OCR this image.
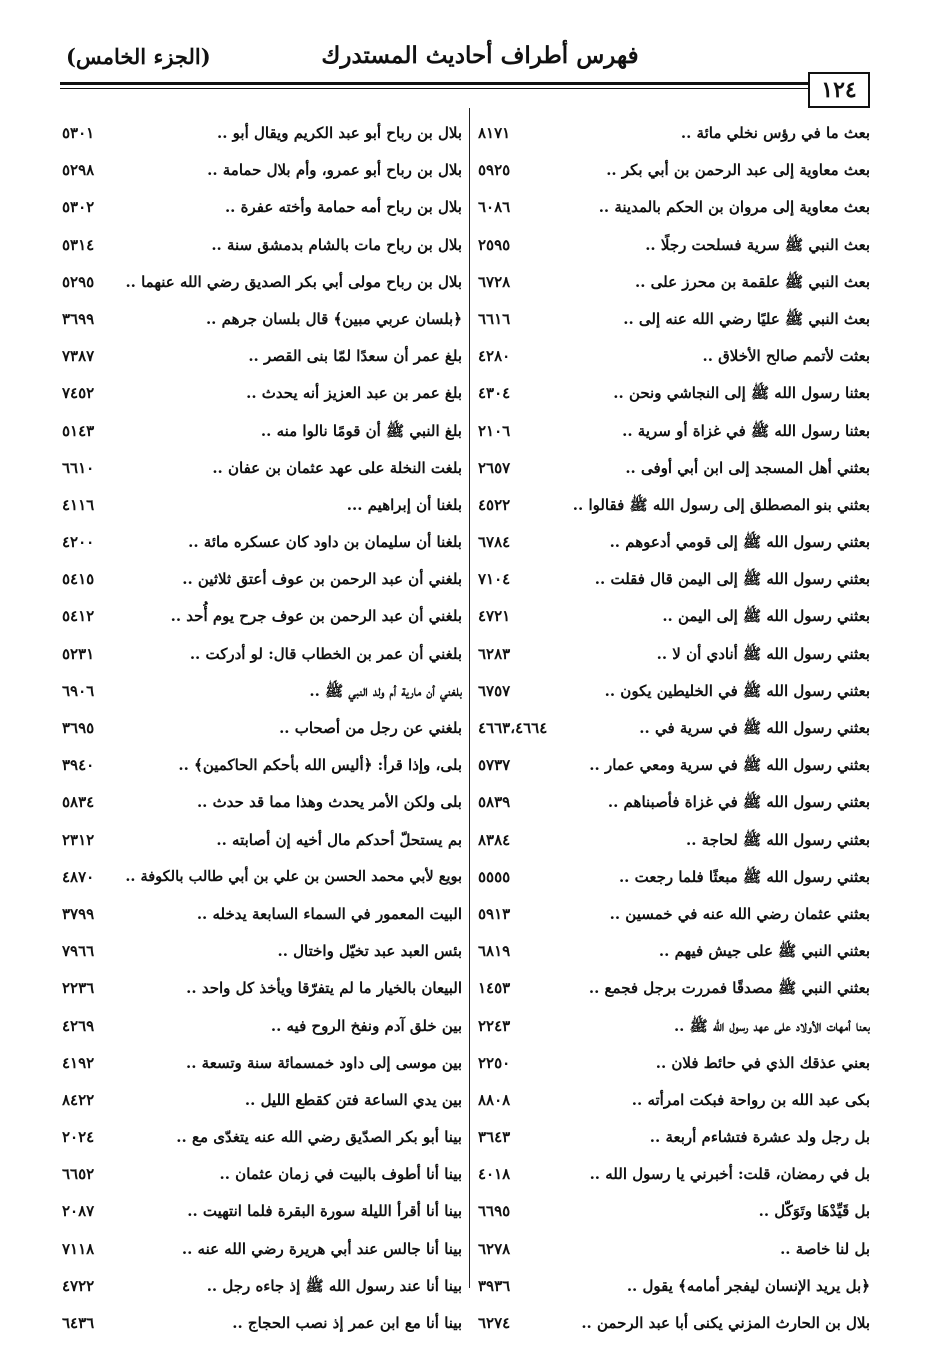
(الجزء الخامس)	فهرس أطراف أحاديث المستدرك
١٢٤
بعث ما في رؤس نخلي مائة ..
٨١٧١
بعث معاوية إلى عبد الرحمن بن أبي بكر ..
٥٩٢٥
بعث معاوية إلى مروان بن الحكم بالمدينة ..
٦٠٨٦
بعث النبي ﷺ سرية فسلحت رجلًا ..
٢٥٩٥
بعث النبي ﷺ علقمة بن محرز على ..
٦٧٢٨
بعث النبي ﷺ عليًا رضي الله عنه إلى ..
٦٦١٦
بعثت لأتمم صالح الأخلاق ..
٤٢٨٠
بعثنا رسول الله ﷺ إلى النجاشي ونحن ..
٤٣٠٤
بعثنا رسول الله ﷺ في غزاة أو سرية ..
٢١٠٦
بعثني أهل المسجد إلى ابن أبي أوفى ..
٢٦٥٧
بعثني بنو المصطلق إلى رسول الله ﷺ فقالوا ..
٤٥٢٢
بعثني رسول الله ﷺ إلى قومي أدعوهم ..
٦٧٨٤
بعثني رسول الله ﷺ إلى اليمن قال فقلت ..
٧١٠٤
بعثني رسول الله ﷺ إلى اليمن ..
٤٧٢١
بعثني رسول الله ﷺ أنادي أن لا ..
٦٢٨٣
بعثني رسول الله ﷺ في الخليطين يكون ..
٦٧٥٧
بعثني رسول الله ﷺ في سرية في ..
٤٦٦٣،٤٦٦٤
بعثني رسول الله ﷺ في سرية ومعي عمار ..
٥٧٣٧
بعثني رسول الله ﷺ في غزاة فأصبناهم ..
٥٨٣٩
بعثني رسول الله ﷺ لحاجة ..
٨٣٨٤
بعثني رسول الله ﷺ مبعثًا فلما رجعت ..
٥٥٥٥
بعثني عثمان رضي الله عنه في خمسين ..
٥٩١٣
بعثني النبي ﷺ على جيش فيهم ..
٦٨١٩
بعثني النبي ﷺ مصدقًا فمررت برجل فجمع ..
١٤٥٣
بعنا أمهات الأولاد على عهد رسول الله ﷺ ..
٢٢٤٣
بعني عذقك الذي في حائط فلان ..
٢٢٥٠
بكى عبد الله بن رواحة فبكت امرأته ..
٨٨٠٨
بل رجل ولد عشرة فتشاءم أربعة ..
٣٦٤٣
بل في رمضان، قلت: أخبرني يا رسول الله ..
٤٠١٨
بل قَيِّدْهَا وتَوَكّل ..
٦٦٩٥
بل لنا خاصة ..
٦٢٧٨
﴿بل يريد الإنسان ليفجر أمامه﴾ يقول ..
٣٩٣٦
بلال بن الحارث المزني يكنى أبا عبد الرحمن ..
٦٢٧٤
بلال بن رباح أبو عبد الكريم ويقال أبو ..
٥٣٠١
بلال بن رباح أبو عمرو، وأم بلال حمامة ..
٥٢٩٨
بلال بن رباح أمه حمامة وأخته عفرة ..
٥٣٠٢
بلال بن رباح مات بالشام بدمشق سنة ..
٥٣١٤
بلال بن رباح مولى أبي بكر الصديق رضي الله عنهما ..
٥٢٩٥
﴿بلسان عربي مبين﴾ قال بلسان جرهم ..
٣٦٩٩
بلغ عمر أن سعدًا لمّا بنى القصر ..
٧٣٨٧
بلغ عمر بن عبد العزيز أنه يحدث ..
٧٤٥٢
بلغ النبي ﷺ أن قومًا نالوا منه ..
٥١٤٣
بلغت النخلة على عهد عثمان بن عفان ..
٦٦١٠
بلغنا أن إبراهيم ...
٤١١٦
بلغنا أن سليمان بن داود كان عسكره مائة ..
٤٢٠٠
بلغني أن عبد الرحمن بن عوف أعتق ثلاثين ..
٥٤١٥
بلغني أن عبد الرحمن بن عوف جرح يوم أُحد ..
٥٤١٢
بلغني أن عمر بن الخطاب قال: لو أدركت ..
٥٢٣١
بلغني أن مارية أم ولد النبي ﷺ ..
٦٩٠٦
بلغني عن رجل من أصحاب ..
٣٦٩٥
بلى، وإذا قرأ: ﴿أليس الله بأحكم الحاكمين﴾ ..
٣٩٤٠
بلى ولكن الأمر يحدث وهذا مما قد حدث ..
٥٨٣٤
بم يستحلّ أحدكم مال أخيه إن أصابته ..
٢٣١٢
بويع لأبي محمد الحسن بن علي بن أبي طالب بالكوفة ..
٤٨٧٠
البيت المعمور في السماء السابعة يدخله ..
٣٧٩٩
بئس العبد عبد تخيّل واختال ..
٧٩٦٦
البيعان بالخيار ما لم يتفرّقا ويأخذ كل واحد ..
٢٢٣٦
بين خلق آدم ونفخ الروح فيه ..
٤٢٦٩
بين موسى إلى داود خمسمائة سنة وتسعة ..
٤١٩٢
بين يدي الساعة فتن كقطع الليل ..
٨٤٢٢
بينا أبو بكر الصدّيق رضي الله عنه يتغدّى مع ..
٢٠٢٤
بينا أنا أطوف بالبيت في زمان عثمان ..
٦٦٥٢
بينا أنا أقرأ الليلة سورة البقرة فلما انتهيت ..
٢٠٨٧
بينا أنا جالس عند أبي هريرة رضي الله عنه ..
٧١١٨
بينا أنا عند رسول الله ﷺ إذ جاءه رجل ..
٤٧٢٢
بينا أنا مع ابن عمر إذ نصب الحجاج ..
٦٤٣٦
